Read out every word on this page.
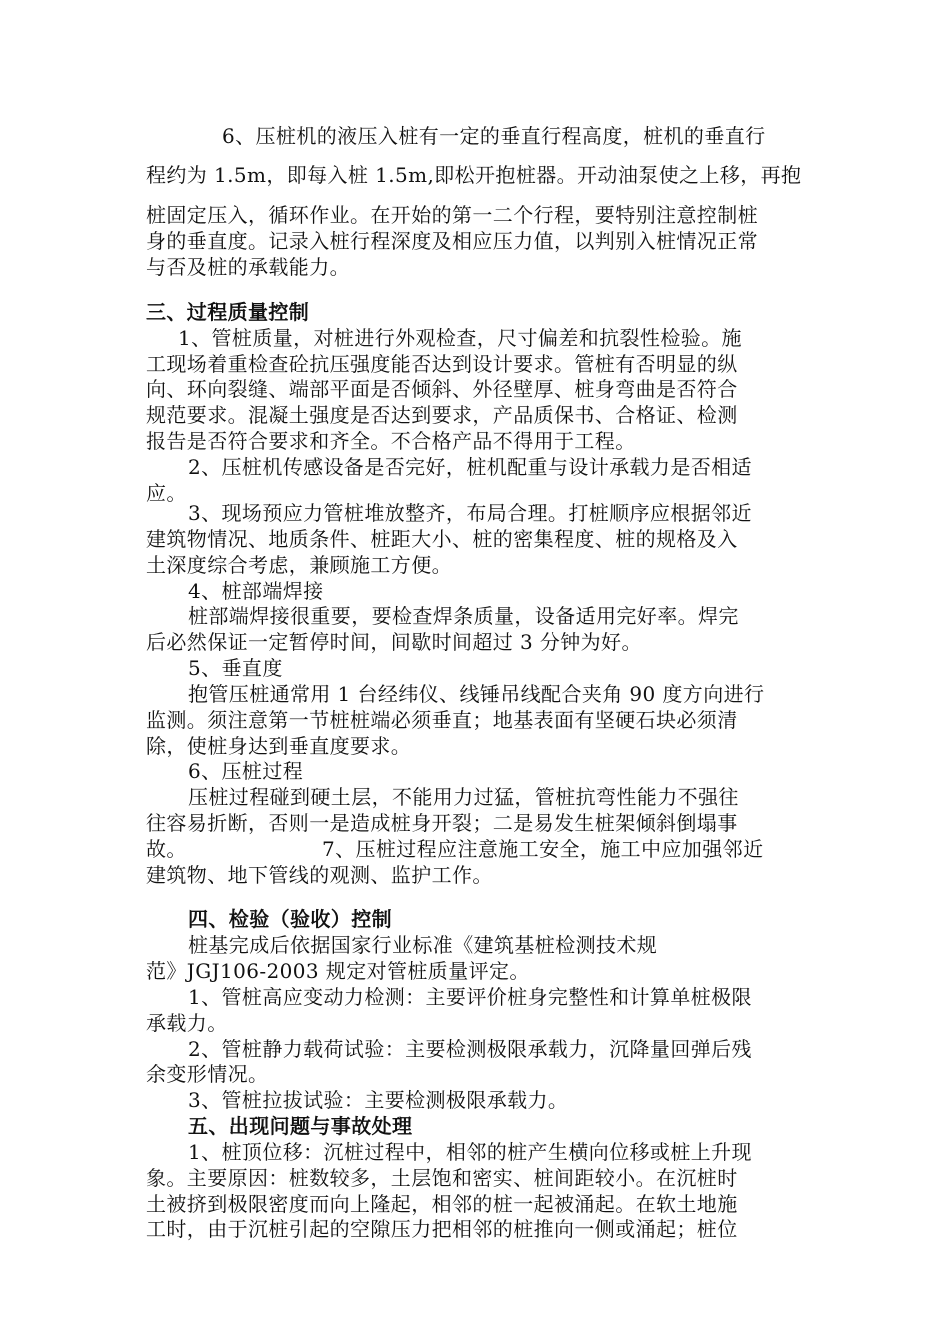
6、压桩机的液压入桩有一定的垂直行程高度，桩机的垂直行
程约为 1.5m，即每入桩 1.5m,即松开抱桩器。开动油泵使之上移，再抱
桩固定压入，循环作业。在开始的第一二个行程，要特别注意控制桩
身的垂直度。记录入桩行程深度及相应压力值，以判别入桩情况正常
与否及桩的承载能力。
三、过程质量控制
1、管桩质量，对桩进行外观检查，尺寸偏差和抗裂性检验。施
工现场着重检查砼抗压强度能否达到设计要求。管桩有否明显的纵
向、环向裂缝、端部平面是否倾斜、外径壁厚、桩身弯曲是否符合
规范要求。混凝土强度是否达到要求，产品质保书、合格证、检测
报告是否符合要求和齐全。不合格产品不得用于工程。
2、压桩机传感设备是否完好，桩机配重与设计承载力是否相适
应。
3、现场预应力管桩堆放整齐，布局合理。打桩顺序应根据邻近
建筑物情况、地质条件、桩距大小、桩的密集程度、桩的规格及入
土深度综合考虑，兼顾施工方便。
4、桩部端焊接
桩部端焊接很重要，要检查焊条质量，设备适用完好率。焊完
后必然保证一定暂停时间，间歇时间超过 3 分钟为好。
5、垂直度
抱管压桩通常用 1 台经纬仪、线锤吊线配合夹角 90 度方向进行
监测。须注意第一节桩桩端必须垂直；地基表面有坚硬石块必须清
除，使桩身达到垂直度要求。
6、压桩过程
压桩过程碰到硬土层，不能用力过猛，管桩抗弯性能力不强往
往容易折断，否则一是造成桩身开裂；二是易发生桩架倾斜倒塌事
故。                    7、压桩过程应注意施工安全，施工中应加强邻近
建筑物、地下管线的观测、监护工作。
四、检验（验收）控制
桩基完成后依据国家行业标准《建筑基桩检测技术规
范》JGJ106-2003 规定对管桩质量评定。
1、管桩高应变动力检测：主要评价桩身完整性和计算单桩极限
承载力。
2、管桩静力载荷试验：主要检测极限承载力，沉降量回弹后残
余变形情况。
3、管桩拉拔试验：主要检测极限承载力。
五、出现问题与事故处理
1、桩顶位移：沉桩过程中，相邻的桩产生横向位移或桩上升现
象。主要原因：桩数较多，土层饱和密实、桩间距较小。在沉桩时
土被挤到极限密度而向上隆起，相邻的桩一起被涌起。在软土地施
工时，由于沉桩引起的空隙压力把相邻的桩推向一侧或涌起；桩位
